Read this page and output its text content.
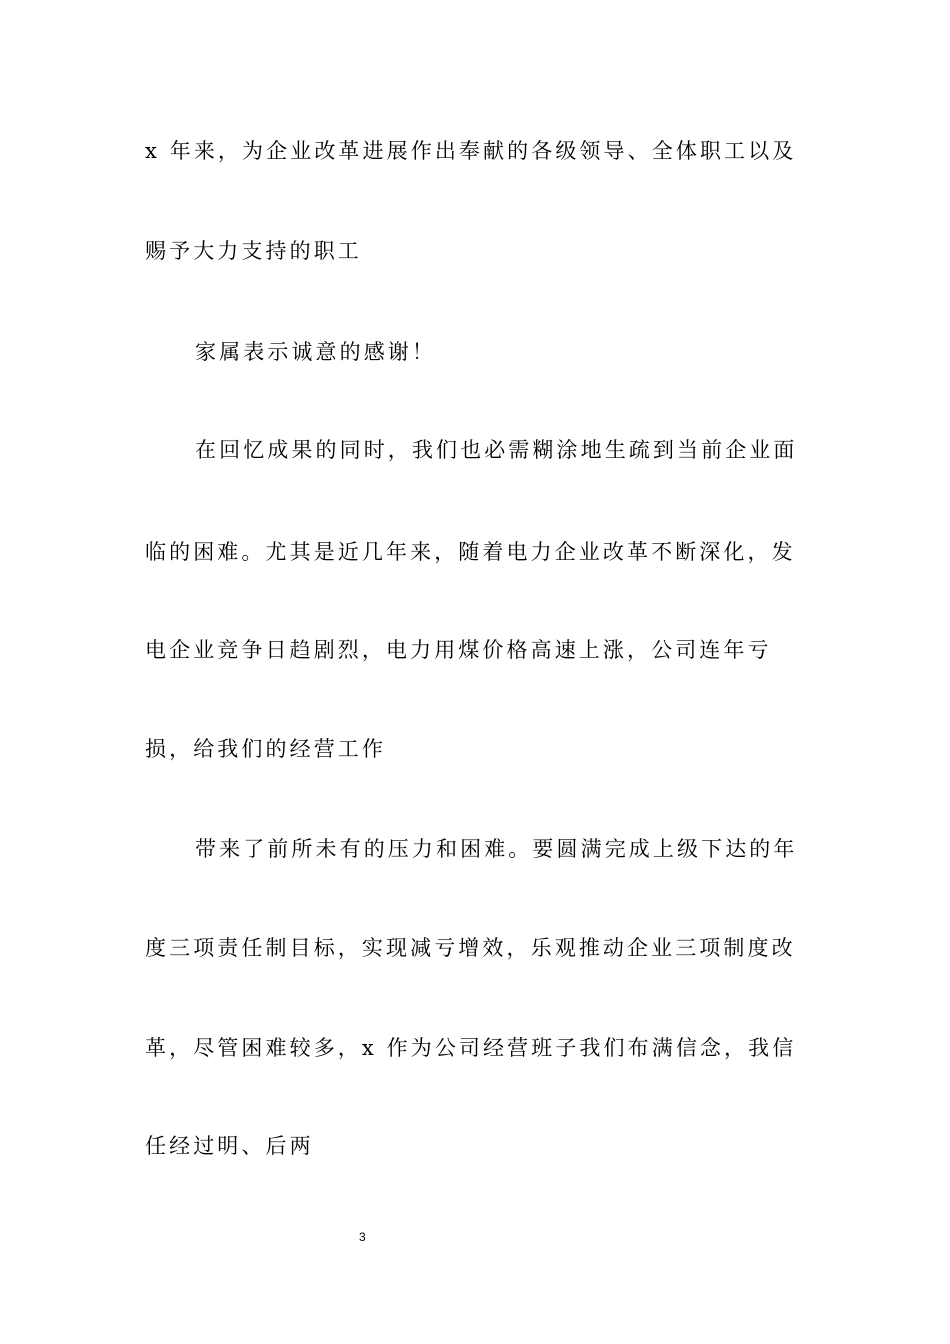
x 年来，为企业改革进展作出奉献的各级领导、全体职工以及
赐予大力支持的职工
家属表示诚意的感谢！
在回忆成果的同时，我们也必需糊涂地生疏到当前企业面
临的困难。尤其是近几年来，随着电力企业改革不断深化，发
电企业竞争日趋剧烈，电力用煤价格高速上涨，公司连年亏
损，给我们的经营工作
带来了前所未有的压力和困难。要圆满完成上级下达的年
度三项责任制目标，实现减亏增效，乐观推动企业三项制度改
革，尽管困难较多，x 作为公司经营班子我们布满信念，我信
任经过明、后两
3
